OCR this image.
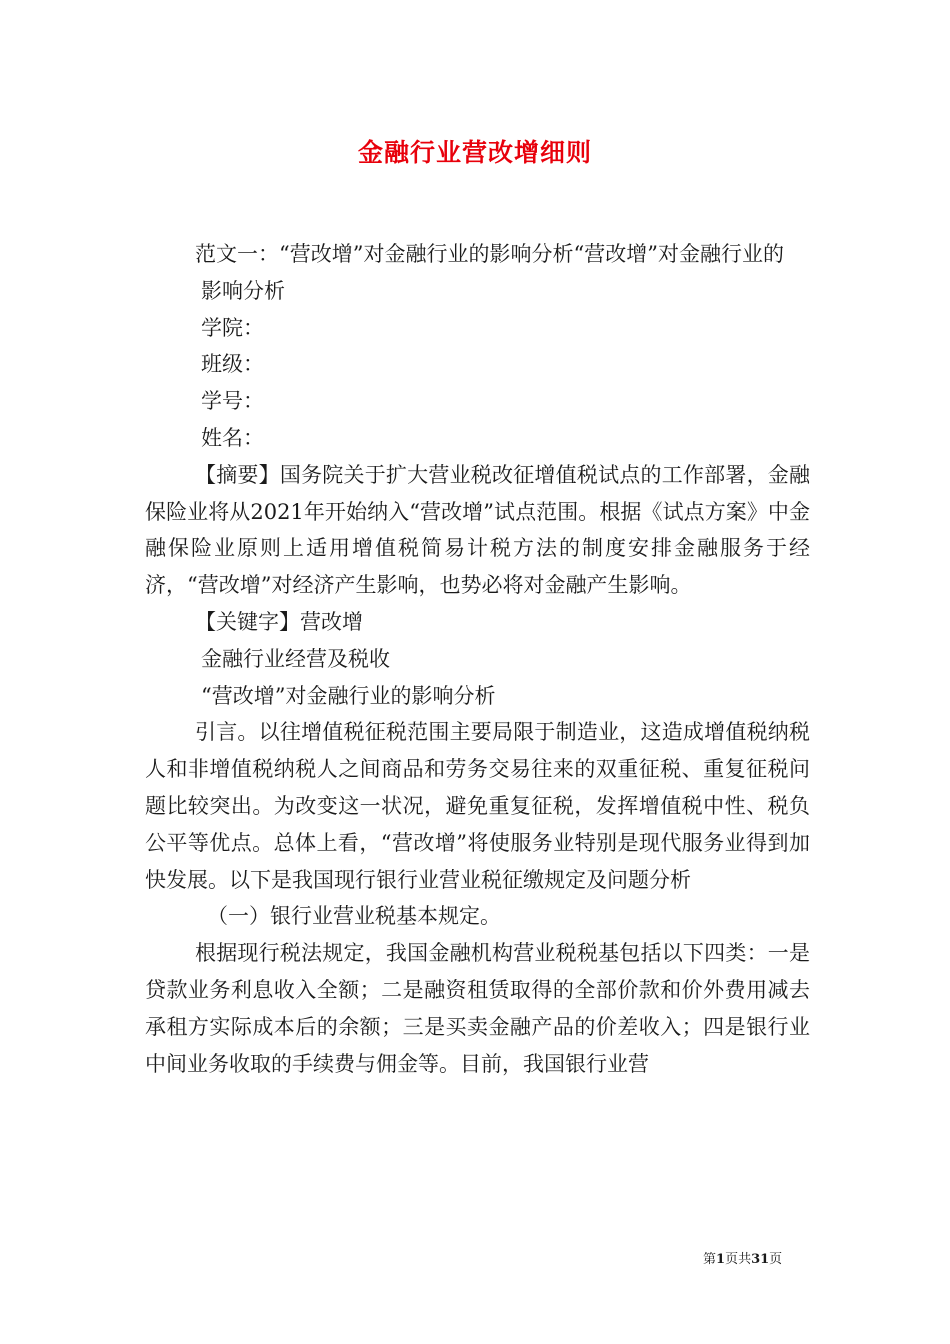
金融行业营改增细则

范文一：“营改增”对金融行业的影响分析“营改增”对金融行业的

影响分析

学院：

班级：

学号：

姓名：

【摘要】国务院关于扩大营业税改征增值税试点的工作部署，金融保险业将从2021年开始纳入“营改增”试点范围。根据《试点方案》中金融保险业原则上适用增值税简易计税方法的制度安排金融服务于经济，“营改增”对经济产生影响，也势必将对金融产生影响。

【关键字】营改增

金融行业经营及税收

“营改增”对金融行业的影响分析

引言。以往增值税征税范围主要局限于制造业，这造成增值税纳税人和非增值税纳税人之间商品和劳务交易往来的双重征税、重复征税问题比较突出。为改变这一状况，避免重复征税，发挥增值税中性、税负公平等优点。总体上看，“营改增”将使服务业特别是现代服务业得到加快发展。以下是我国现行银行业营业税征缴规定及问题分析

（一）银行业营业税基本规定。

根据现行税法规定，我国金融机构营业税税基包括以下四类：一是贷款业务利息收入全额；二是融资租赁取得的全部价款和价外费用减去承租方实际成本后的余额；三是买卖金融产品的价差收入；四是银行业中间业务收取的手续费与佣金等。目前，我国银行业营

第1页共31页
